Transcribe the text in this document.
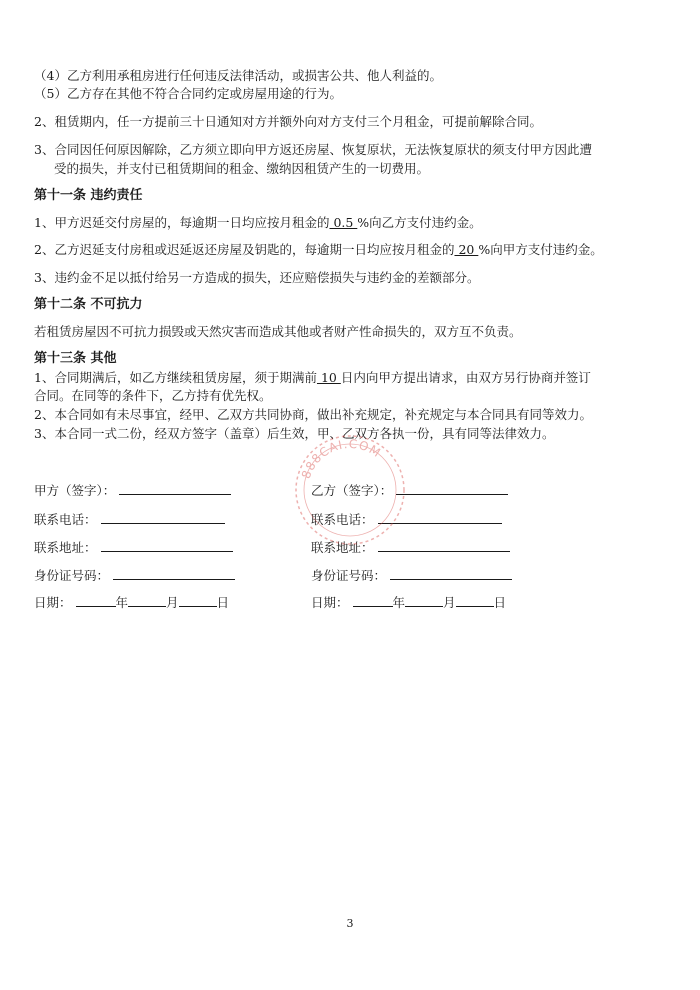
（4）乙方利用承租房进行任何违反法律活动，或损害公共、他人利益的。
（5）乙方存在其他不符合合同约定或房屋用途的行为。
2、租赁期内，任一方提前三十日通知对方并额外向对方支付三个月租金，可提前解除合同。
3、合同因任何原因解除，乙方须立即向甲方返还房屋、恢复原状，无法恢复原状的须支付甲方因此遭
受的损失，并支付已租赁期间的租金、缴纳因租赁产生的一切费用。
第十一条 违约责任
1、甲方迟延交付房屋的，每逾期一日均应按月租金的 0.5 %向乙方支付违约金。
2、乙方迟延支付房租或迟延返还房屋及钥匙的，每逾期一日均应按月租金的 20 %向甲方支付违约金。
3、违约金不足以抵付给另一方造成的损失，还应赔偿损失与违约金的差额部分。
第十二条 不可抗力
若租赁房屋因不可抗力损毁或天然灾害而造成其他或者财产性命损失的，双方互不负责。
第十三条 其他
1、合同期满后，如乙方继续租赁房屋，须于期满前 10 日内向甲方提出请求，由双方另行协商并签订
合同。在同等的条件下，乙方持有优先权。
2、本合同如有未尽事宜，经甲、乙双方共同协商，做出补充规定，补充规定与本合同具有同等效力。
3、本合同一式二份，经双方签字（盖章）后生效，甲、乙双方各执一份，具有同等法律效力。
甲方（签字）：
联系电话：
联系地址：
身份证号码：
日期：	年	月	日
乙方（签字）：
联系电话：
联系地址：
身份证号码：
日期：	年	月	日
888CAI.COM
3
